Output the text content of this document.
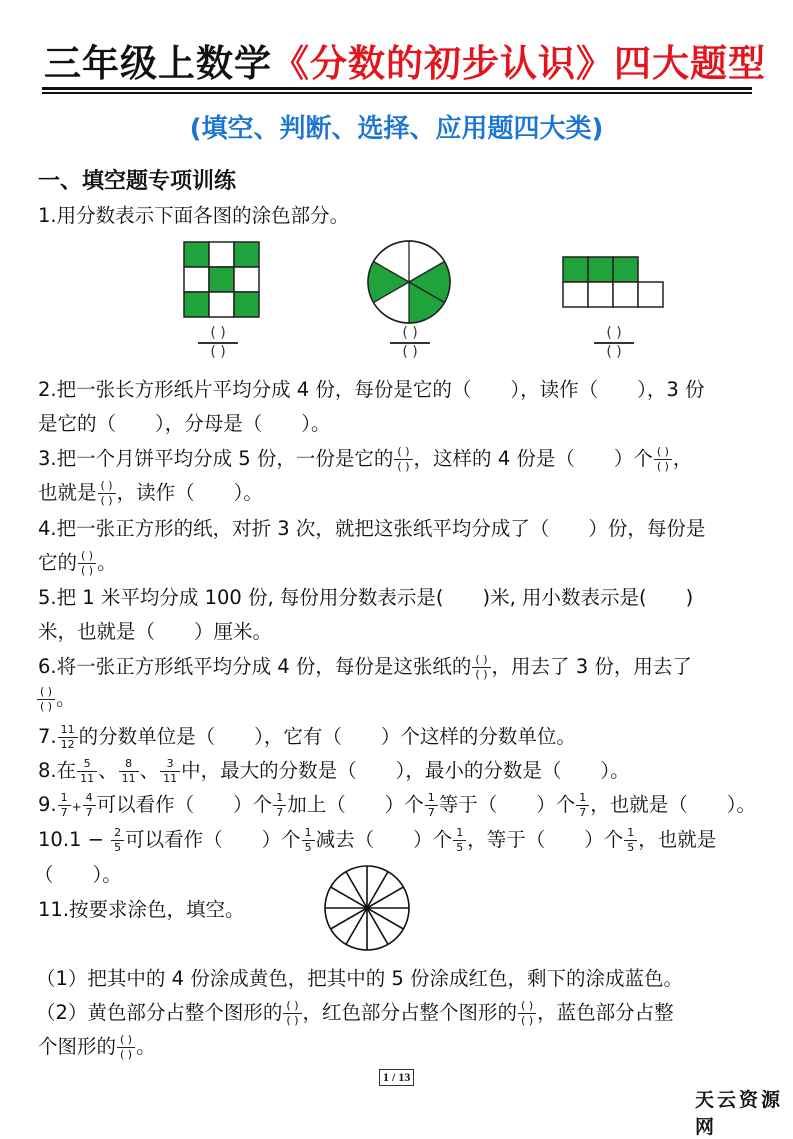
三年级上数学《分数的初步认识》四大题型
(填空、判断、选择、应用题四大类)
一、填空题专项训练
1.用分数表示下面各图的涂色部分。
( )
( )
( )
( )
( )
( )
2.把一张长方形纸片平均分成 4 份，每份是它的（　　），读作（　　），3 份
是它的（　　），分母是（　　）。
3.把一个月饼平均分成 5 份，一份是它的 $\frac{( )}{( )}$ ，这样的 4 份是（　　）个 $\frac{( )}{( )}$ ，
也就是 $\frac{( )}{( )}$ ，读作（　　）。
4.把一张正方形的纸，对折 3 次，就把这张纸平均分成了（　　）份，每份是
它的 $\frac{( )}{( )}$ 。
5.把 1 米平均分成 100 份, 每份用分数表示是(　　)米, 用小数表示是(　　)
米，也就是（　　）厘米。
6.将一张正方形纸平均分成 4 份，每份是这张纸的 $\frac{( )}{( )}$ ，用去了 3 份，用去了
$\frac{( )}{( )}$ 。
7. $\frac{11}{12}$ 的分数单位是（　　），它有（　　）个这样的分数单位。
8.在 $\frac{5}{11}$ 、 $\frac{8}{11}$ 、 $\frac{3}{11}$ 中，最大的分数是（　　），最小的分数是（　　）。
9. $\frac{1}{7} + \frac{4}{7}$ 可以看作（　　）个 $\frac{1}{7}$ 加上（　　）个 $\frac{1}{7}$ 等于（　　）个 $\frac{1}{7}$ ，也就是（　　）。
$10.1 - \frac{2}{5}$ 可以看作（　　）个 $\frac{1}{5}$ 减去（　　）个 $\frac{1}{5}$ ，等于（　　）个 $\frac{1}{5}$ ，也就是
（　　）。
11.按要求涂色，填空。
（1）把其中的 4 份涂成黄色，把其中的 5 份涂成红色，剩下的涂成蓝色。
（2）黄色部分占整个图形的 $\frac{( )}{( )}$ ，红色部分占整个图形的 $\frac{( )}{( )}$ ，蓝色部分占整
个图形的 $\frac{( )}{( )}$ 。
1 / 13
天云资源网
